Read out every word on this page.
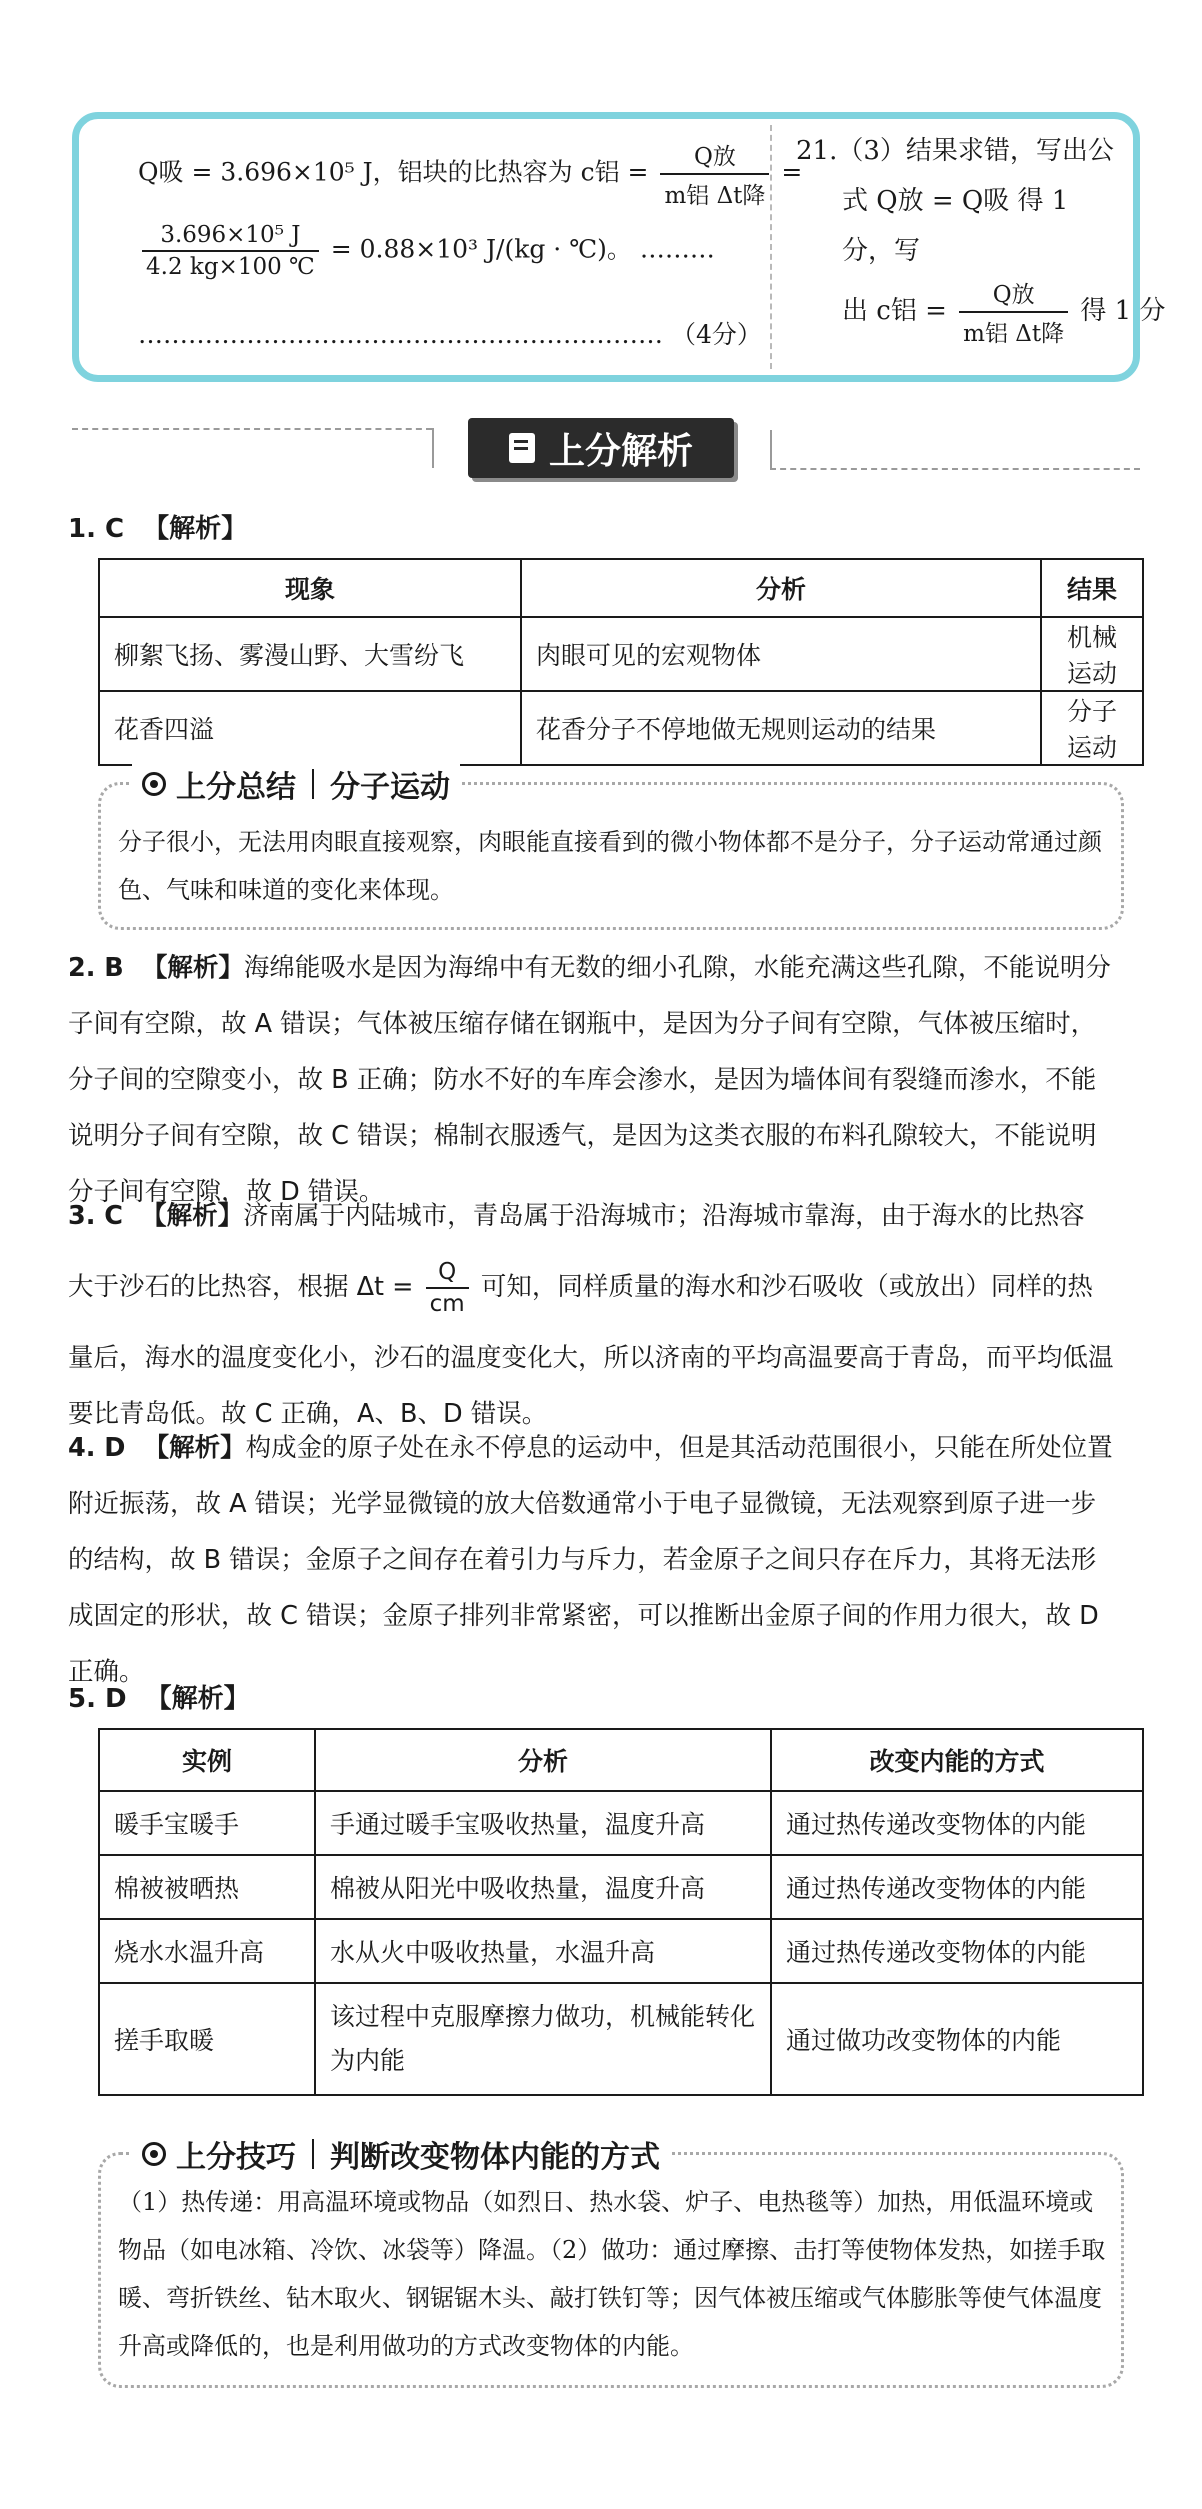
Q吸 = 3.696×10⁵ J，铝块的比热容为 c铝 = $\frac{\text{Q放}}{\text{m铝 Δt降}}$ =
$\frac{\text{3.696×10⁵ J}}{4.2 kg\times 100 ℃} = 0.88\times 10^3$ J/(kg · ℃)。 ………
……………………………………………………… （4分）
21.（3）结果求错，写出公
式 Q放 = Q吸 得 1 分，写
出 c铝 = $\frac{\text{Q放}}{\text{m铝 Δt降}}$ 得 1 分
上分解析
1. C 【解析】
现象	分析	结果
柳絮飞扬、雾漫山野、大雪纷飞	肉眼可见的宏观物体	机械运动
花香四溢	花香分子不停地做无规则运动的结果	分子运动
上分总结 分子运动
分子很小，无法用肉眼直接观察，肉眼能直接看到的微小物体都不是分子，分子运动常通过颜色、气味和味道的变化来体现。
2. B 【解析】海绵能吸水是因为海绵中有无数的细小孔隙，水能充满这些孔隙，不能说明分子间有空隙，故 A 错误；气体被压缩存储在钢瓶中，是因为分子间有空隙，气体被压缩时，分子间的空隙变小，故 B 正确；防水不好的车库会渗水，是因为墙体间有裂缝而渗水，不能说明分子间有空隙，故 C 错误；棉制衣服透气，是因为这类衣服的布料孔隙较大，不能说明分子间有空隙，故 D 错误。
3. C 【解析】济南属于内陆城市，青岛属于沿海城市；沿海城市靠海，由于海水的比热容
大于沙石的比热容，根据 $\Delta t = \frac{Q}{cm}$ 可知，同样质量的海水和沙石吸收（或放出）同样的热
量后，海水的温度变化小，沙石的温度变化大，所以济南的平均高温要高于青岛，而平均低温要比青岛低。故 C 正确，A、B、D 错误。
4. D 【解析】构成金的原子处在永不停息的运动中，但是其活动范围很小，只能在所处位置附近振荡，故 A 错误；光学显微镜的放大倍数通常小于电子显微镜，无法观察到原子进一步的结构，故 B 错误；金原子之间存在着引力与斥力，若金原子之间只存在斥力，其将无法形成固定的形状，故 C 错误；金原子排列非常紧密，可以推断出金原子间的作用力很大，故 D 正确。
5. D 【解析】
实例	分析	改变内能的方式
暖手宝暖手	手通过暖手宝吸收热量，温度升高	通过热传递改变物体的内能
棉被被晒热	棉被从阳光中吸收热量，温度升高	通过热传递改变物体的内能
烧水水温升高	水从火中吸收热量，水温升高	通过热传递改变物体的内能
搓手取暖	该过程中克服摩擦力做功，机械能转化为内能	通过做功改变物体的内能
上分技巧 判断改变物体内能的方式
（1）热传递：用高温环境或物品（如烈日、热水袋、炉子、电热毯等）加热，用低温环境或物品（如电冰箱、冷饮、冰袋等）降温。（2）做功：通过摩擦、击打等使物体发热，如搓手取暖、弯折铁丝、钻木取火、钢锯锯木头、敲打铁钉等；因气体被压缩或气体膨胀等使气体温度升高或降低的，也是利用做功的方式改变物体的内能。
